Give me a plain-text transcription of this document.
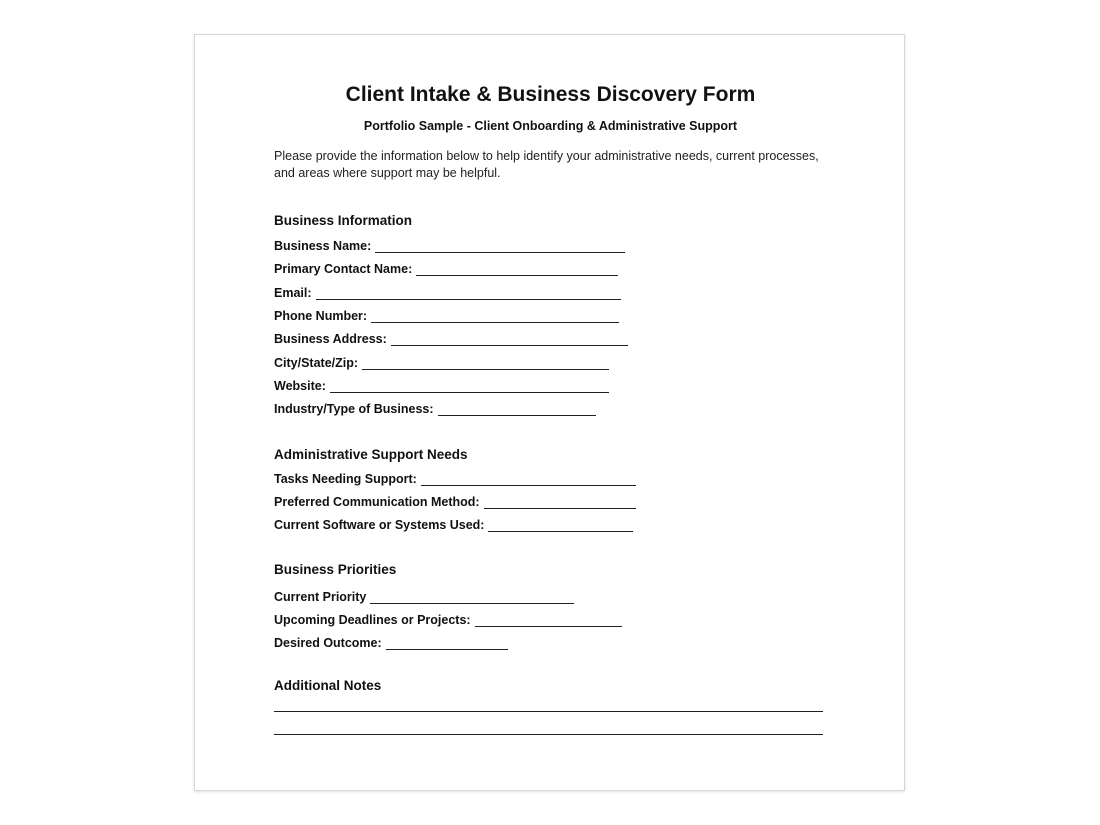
Client Intake & Business Discovery Form

Portfolio Sample - Client Onboarding & Administrative Support

Please provide the information below to help identify your administrative needs, current processes, and areas where support may be helpful.

Business Information
Business Name:
Primary Contact Name:
Email:
Phone Number:
Business Address:
City/State/Zip:
Website:
Industry/Type of Business:
Administrative Support Needs
Tasks Needing Support:
Preferred Communication Method:
Current Software or Systems Used:
Business Priorities
Current Priority
Upcoming Deadlines or Projects:
Desired Outcome:
Additional Notes
